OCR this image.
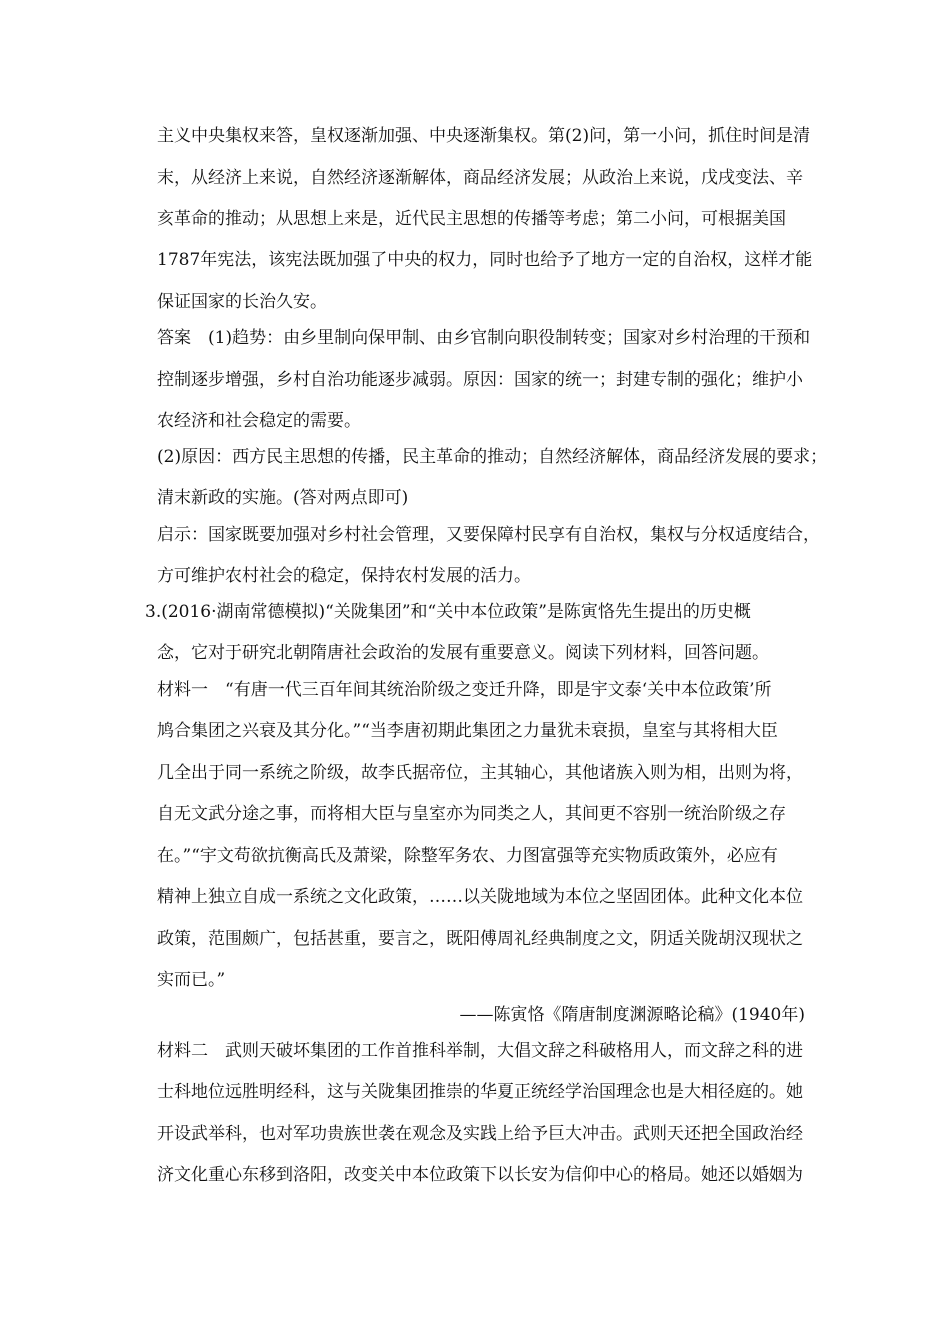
主义中央集权来答，皇权逐渐加强、中央逐渐集权。第(2)问，第一小问，抓住时间是清
末，从经济上来说，自然经济逐渐解体，商品经济发展；从政治上来说，戊戌变法、辛
亥革命的推动；从思想上来是，近代民主思想的传播等考虑；第二小问，可根据美国
1787年宪法，该宪法既加强了中央的权力，同时也给予了地方一定的自治权，这样才能
保证国家的长治久安。
答案　(1)趋势：由乡里制向保甲制、由乡官制向职役制转变；国家对乡村治理的干预和
控制逐步增强，乡村自治功能逐步减弱。原因：国家的统一；封建专制的强化；维护小
农经济和社会稳定的需要。
(2)原因：西方民主思想的传播，民主革命的推动；自然经济解体，商品经济发展的要求；
清末新政的实施。(答对两点即可)
启示：国家既要加强对乡村社会管理，又要保障村民享有自治权，集权与分权适度结合，
方可维护农村社会的稳定，保持农村发展的活力。
3.(2016·湖南常德模拟)“关陇集团”和“关中本位政策”是陈寅恪先生提出的历史概
念，它对于研究北朝隋唐社会政治的发展有重要意义。阅读下列材料，回答问题。
材料一　“有唐一代三百年间其统治阶级之变迁升降，即是宇文泰‘关中本位政策’所
鸠合集团之兴衰及其分化。”“当李唐初期此集团之力量犹未衰损，皇室与其将相大臣
几全出于同一系统之阶级，故李氏据帝位，主其轴心，其他诸族入则为相，出则为将，
自无文武分途之事，而将相大臣与皇室亦为同类之人，其间更不容别一统治阶级之存
在。”“宇文苟欲抗衡高氏及萧梁，除整军务农、力图富强等充实物质政策外，必应有
精神上独立自成一系统之文化政策，……以关陇地域为本位之坚固团体。此种文化本位
政策，范围颇广，包括甚重，要言之，既阳傅周礼经典制度之文，阴适关陇胡汉现状之
实而已。”
——陈寅恪《隋唐制度渊源略论稿》(1940年)
材料二　武则天破坏集团的工作首推科举制，大倡文辞之科破格用人，而文辞之科的进
士科地位远胜明经科，这与关陇集团推崇的华夏正统经学治国理念也是大相径庭的。她
开设武举科，也对军功贵族世袭在观念及实践上给予巨大冲击。武则天还把全国政治经
济文化重心东移到洛阳，改变关中本位政策下以长安为信仰中心的格局。她还以婚姻为
